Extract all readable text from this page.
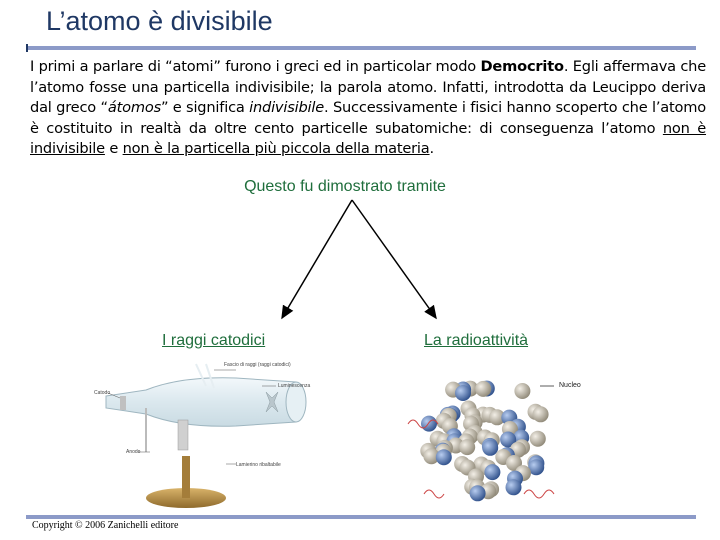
L’atomo è divisibile
I primi a parlare di “atomi” furono i greci ed in particolar modo Democrito. Egli affermava che l’atomo fosse una particella indivisibile; la parola atomo. Infatti, introdotta da Leucippo deriva dal greco “átomos” e significa indivisibile. Successivamente i fisici hanno scoperto che l’atomo è costituito in realtà da oltre cento particelle subatomiche: di conseguenza l’atomo non è indivisibile e non è la particella più piccola della materia.
Questo fu dimostrato tramite
I raggi catodici	La radioattività
Fascio di raggi (raggi catodici)
Luminescenza
Catodo
Anodo
Lamierino ribaltabile
Nucleo
Copyright © 2006 Zanichelli editore
